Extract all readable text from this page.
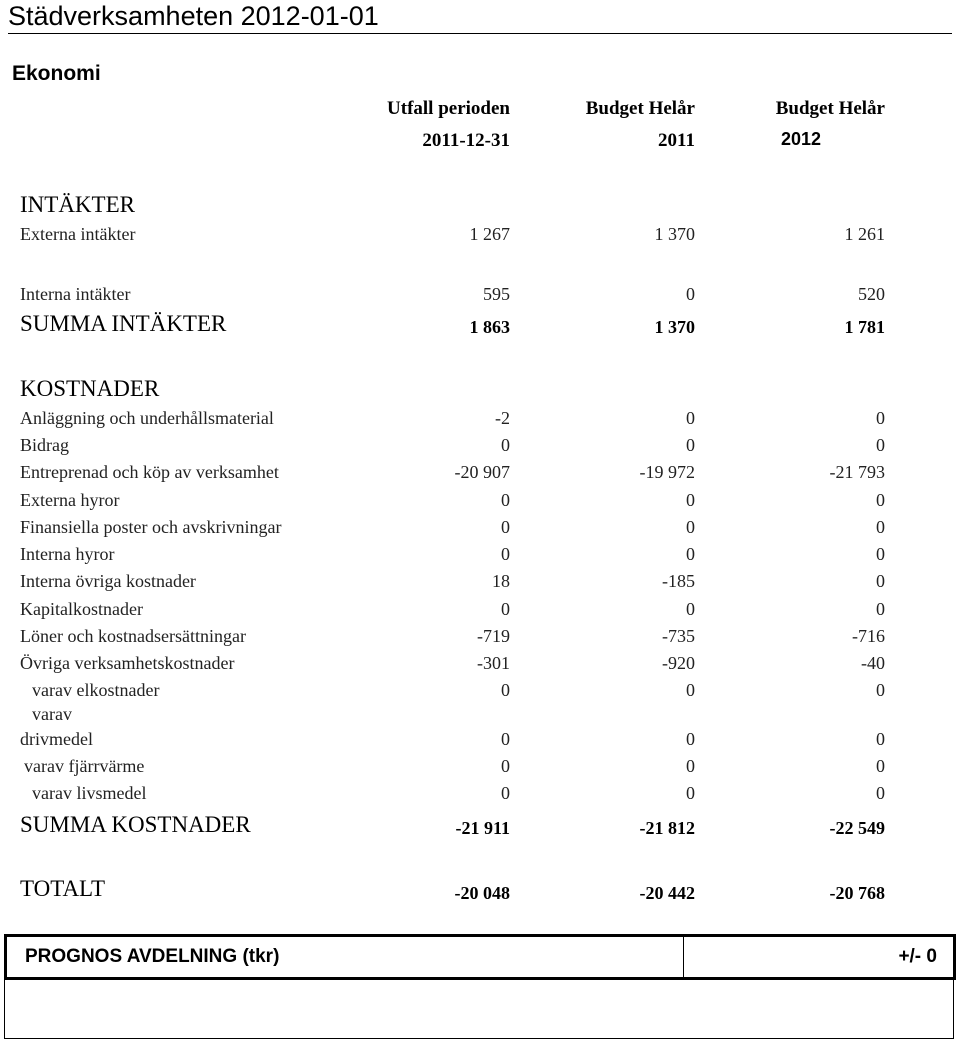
Städverksamheten 2012-01-01
Ekonomi
Utfall perioden
2011-12-31
Budget Helår
2011
Budget Helår
2012
INTÄKTER
Externa intäkter	1 267	1 370	1 261
Interna intäkter	595	0	520
SUMMA INTÄKTER	1 863	1 370	1 781
KOSTNADER
Anläggning och underhållsmaterial	-2	0	0
Bidrag	0	0	0
Entreprenad och köp av verksamhet	-20 907	-19 972	-21 793
Externa hyror	0	0	0
Finansiella poster och avskrivningar	0	0	0
Interna hyror	0	0	0
Interna övriga kostnader	18	-185	0
Kapitalkostnader	0	0	0
Löner och kostnadsersättningar	-719	-735	-716
Övriga verksamhetskostnader	-301	-920	-40
varav elkostnader	0	0	0
varav
drivmedel	0	0	0
varav fjärrvärme	0	0	0
varav livsmedel	0	0	0
SUMMA KOSTNADER	-21 911	-21 812	-22 549
TOTALT	-20 048	-20 442	-20 768
PROGNOS AVDELNING (tkr)	+/- 0
